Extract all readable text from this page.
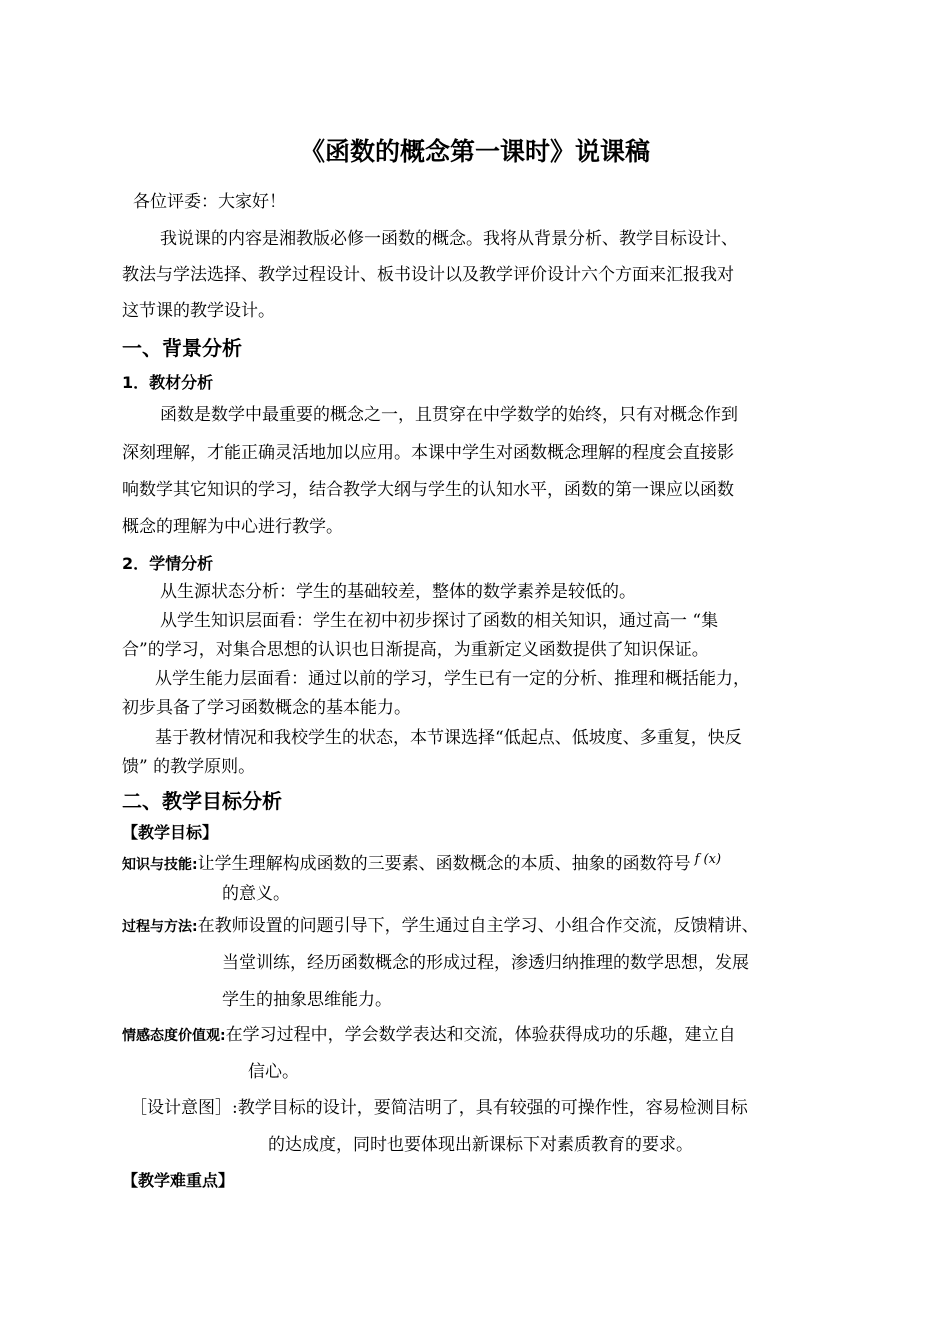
《函数的概念第一课时》说课稿
各位评委：大家好！
我说课的内容是湘教版必修一函数的概念。我将从背景分析、教学目标设计、
教法与学法选择、教学过程设计、板书设计以及教学评价设计六个方面来汇报我对
这节课的教学设计。
一、背景分析
1．教材分析
函数是数学中最重要的概念之一，且贯穿在中学数学的始终，只有对概念作到
深刻理解，才能正确灵活地加以应用。本课中学生对函数概念理解的程度会直接影
响数学其它知识的学习，结合教学大纲与学生的认知水平，函数的第一课应以函数
概念的理解为中心进行教学。
2．学情分析
从生源状态分析：学生的基础较差，整体的数学素养是较低的。
从学生知识层面看：学生在初中初步探讨了函数的相关知识，通过高一 “集
合”的学习，对集合思想的认识也日渐提高，为重新定义函数提供了知识保证。
从学生能力层面看：通过以前的学习，学生已有一定的分析、推理和概括能力，
初步具备了学习函数概念的基本能力。
基于教材情况和我校学生的状态，本节课选择“低起点、低坡度、多重复，快反
馈” 的教学原则。
二、教学目标分析
【教学目标】
知识与技能:让学生理解构成函数的三要素、函数概念的本质、抽象的函数符号 $^{f (x)}$
的意义。
过程与方法:在教师设置的问题引导下，学生通过自主学习、小组合作交流，反馈精讲、
当堂训练，经历函数概念的形成过程，渗透归纳推理的数学思想，发展
学生的抽象思维能力。
情感态度价值观:在学习过程中，学会数学表达和交流，体验获得成功的乐趣，建立自
信心。
［设计意图］:教学目标的设计，要简洁明了，具有较强的可操作性，容易检测目标
的达成度，同时也要体现出新课标下对素质教育的要求。
【教学难重点】
